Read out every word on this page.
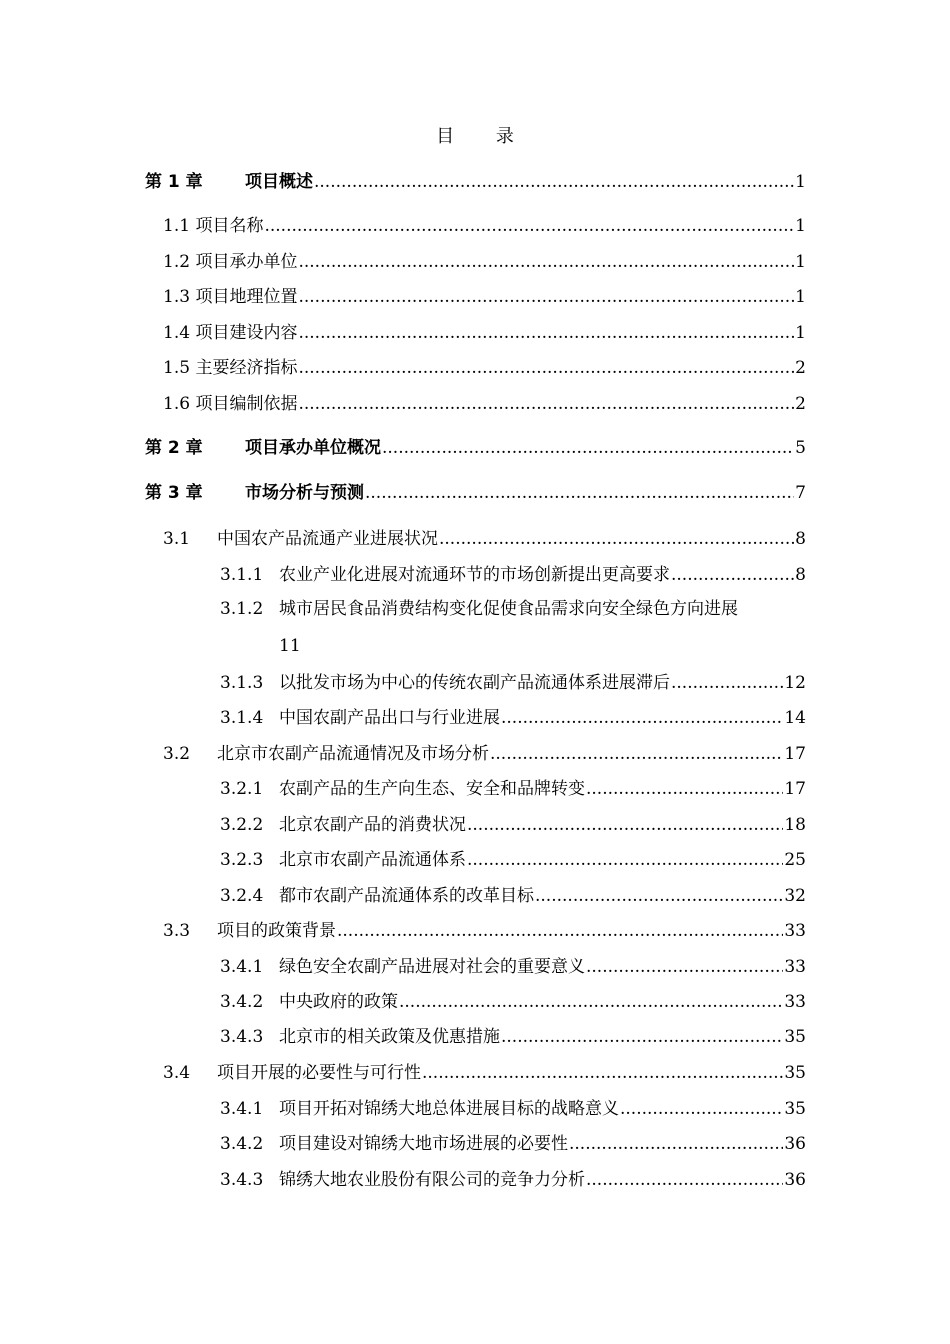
目 录
第 1 章	项目概述 .....	1
1.1 项目名称 .....	1
1.2 项目承办单位 .....	1
1.3 项目地理位置 .....	1
1.4 项目建设内容 .....	1
1.5 主要经济指标 .....	2
1.6 项目编制依据 .....	2
第 2 章	项目承办单位概况 .....	5
第 3 章	市场分析与预测 .....	7
3.1	中国农产品流通产业进展状况 .....	8
3.1.1 农业产业化进展对流通环节的市场创新提出更高要求 .....	8
3.1.2 城市居民食品消费结构变化促使食品需求向安全绿色方向进展
11
3.1.3 以批发市场为中心的传统农副产品流通体系进展滞后 .....	12
3.1.4 中国农副产品出口与行业进展 .....	14
3.2	北京市农副产品流通情况及市场分析 .....	17
3.2.1 农副产品的生产向生态、安全和品牌转变 .....	17
3.2.2 北京农副产品的消费状况 .....	18
3.2.3 北京市农副产品流通体系 .....	25
3.2.4 都市农副产品流通体系的改革目标 .....	32
3.3	项目的政策背景 .....	33
3.4.1 绿色安全农副产品进展对社会的重要意义 .....	33
3.4.2 中央政府的政策 .....	33
3.4.3 北京市的相关政策及优惠措施 .....	35
3.4	项目开展的必要性与可行性 .....	35
3.4.1 项目开拓对锦绣大地总体进展目标的战略意义 .....	35
3.4.2 项目建设对锦绣大地市场进展的必要性 .....	36
3.4.3 锦绣大地农业股份有限公司的竞争力分析 .....	36
